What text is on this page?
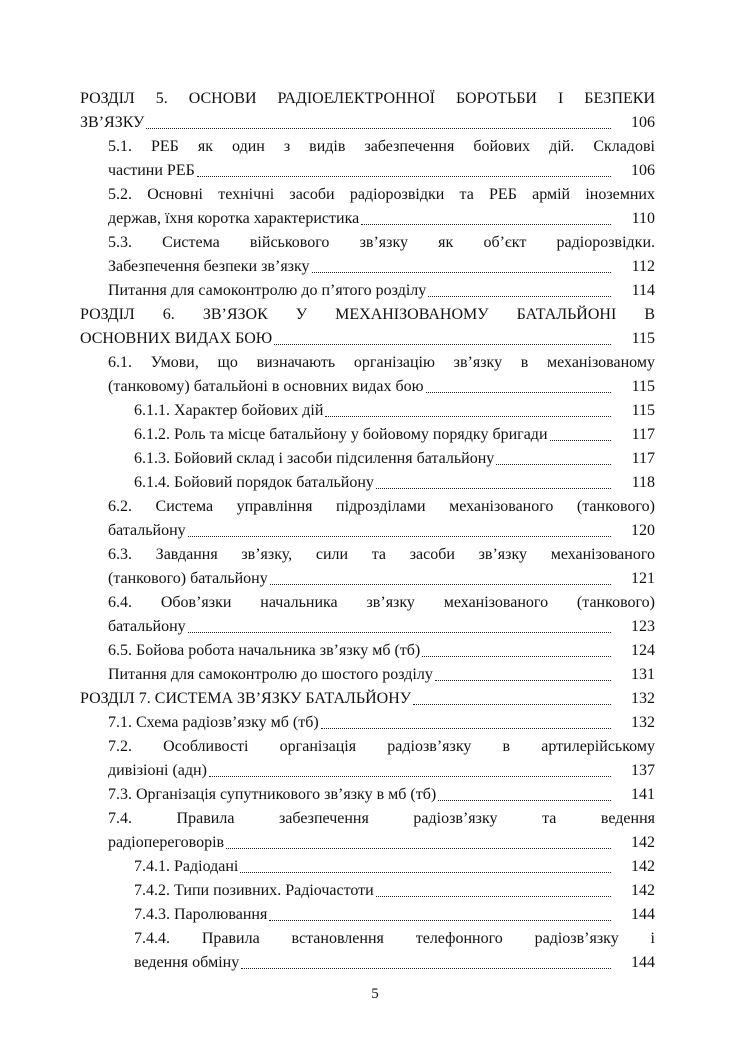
РОЗДІЛ 5. ОСНОВИ РАДІОЕЛЕКТРОННОЇ БОРОТЬБИ І БЕЗПЕКИ
ЗВ’ЯЗКУ	106
5.1. РЕБ як один з видів забезпечення бойових дій. Складові
частини РЕБ	106
5.2. Основні технічні засоби радіорозвідки та РЕБ армій іноземних
держав, їхня коротка характеристика	110
5.3. Система військового зв’язку як об’єкт радіорозвідки.
Забезпечення безпеки зв’язку	112
Питання для самоконтролю до п’ятого розділу	114
РОЗДІЛ 6. ЗВ’ЯЗОК У МЕХАНІЗОВАНОМУ БАТАЛЬЙОНІ В
ОСНОВНИХ ВИДАХ БОЮ	115
6.1. Умови, що визначають організацію зв’язку в механізованому
(танковому) батальйоні в основних видах бою	115
6.1.1. Характер бойових дій	115
6.1.2. Роль та місце батальйону у бойовому порядку бригади	117
6.1.3. Бойовий склад і засоби підсилення батальйону	117
6.1.4. Бойовий порядок батальйону	118
6.2. Система управління підрозділами механізованого (танкового)
батальйону	120
6.3. Завдання зв’язку, сили та засоби зв’язку механізованого
(танкового) батальйону	121
6.4. Обов’язки начальника зв’язку механізованого (танкового)
батальйону	123
6.5. Бойова робота начальника зв’язку мб (тб)	124
Питання для самоконтролю до шостого розділу	131
РОЗДІЛ 7. СИСТЕМА ЗВ’ЯЗКУ БАТАЛЬЙОНУ	132
7.1. Схема радіозв’язку мб (тб)	132
7.2. Особливості організація радіозв’язку в артилерійському
дивізіоні (адн)	137
7.3. Організація супутникового зв’язку в мб (тб)	141
7.4. Правила забезпечення радіозв’язку та ведення
радіопереговорів	142
7.4.1. Радіодані	142
7.4.2. Типи позивних. Радіочастоти	142
7.4.3. Паролювання	144
7.4.4. Правила встановлення телефонного радіозв’язку і
ведення обміну	144
5
